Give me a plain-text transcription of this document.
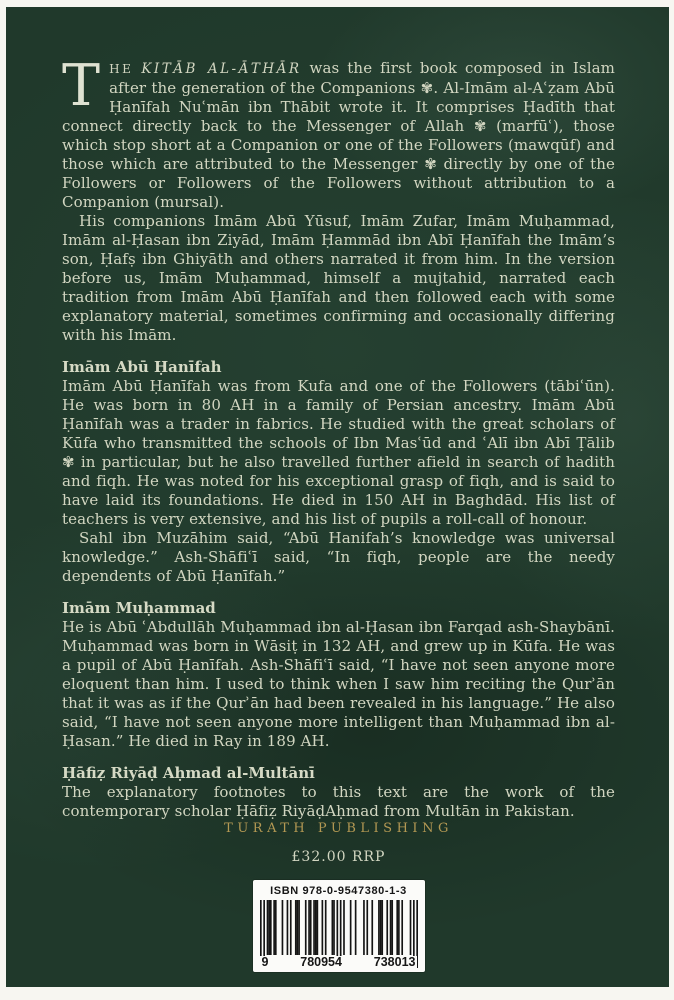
THE KITĀB AL-ĀTHĀR was the first book composed in Islam after the generation of the Companions ✾. Al-Imām al-Aʿẓam Abū Ḥanīfah Nuʿmān ibn Thābit wrote it. It comprises Ḥadīth that connect directly back to the Messenger of Allah ✾ (marfūʿ), those which stop short at a Companion or one of the Followers (mawqūf) and those which are attributed to the Messenger ✾ directly by one of the Followers or Followers of the Followers without attribution to a Companion (mursal).

His companions Imām Abū Yūsuf, Imām Zufar, Imām Muḥammad, Imām al-Ḥasan ibn Ziyād, Imām Ḥammād ibn Abī Ḥanīfah the Imām’s son, Ḥafṣ ibn Ghiyāth and others narrated it from him. In the version before us, Imām Muḥammad, himself a mujtahid, narrated each tradition from Imām Abū Ḥanīfah and then followed each with some explanatory material, sometimes confirming and occasionally differing with his Imām.

Imām Abū Ḥanīfah

Imām Abū Ḥanīfah was from Kufa and one of the Followers (tābiʿūn). He was born in 80 AH in a family of Persian ancestry. Imām Abū Ḥanīfah was a trader in fabrics. He studied with the great scholars of Kūfa who transmitted the schools of Ibn Masʿūd and ʿAlī ibn Abī Ṭālib ✾ in particular, but he also travelled further afield in search of hadith and fiqh. He was noted for his exceptional grasp of fiqh, and is said to have laid its foundations. He died in 150 AH in Baghdād. His list of teachers is very extensive, and his list of pupils a roll-call of honour.

Sahl ibn Muzāhim said, “Abū Hanifah’s knowledge was universal knowledge.” Ash-Shāfiʿī said, “In fiqh, people are the needy dependents of Abū Ḥanīfah.”

Imām Muḥammad

He is Abū ʿAbdullāh Muḥammad ibn al-Ḥasan ibn Farqad ash-Shaybānī. Muḥammad was born in Wāsiṭ in 132 AH, and grew up in Kūfa. He was a pupil of Abū Ḥanīfah. Ash-Shāfiʿī said, “I have not seen anyone more eloquent than him. I used to think when I saw him reciting the Qurʾān that it was as if the Qurʾān had been revealed in his language.” He also said, “I have not seen anyone more intelligent than Muḥammad ibn al-Ḥasan.” He died in Ray in 189 AH.

Ḥāfiẓ Riyāḍ Aḥmad al-Multānī

The explanatory footnotes to this text are the work of the contemporary scholar Ḥāfiẓ RiyāḍAḥmad from Multān in Pakistan.

TURATH PUBLISHING

£32.00 RRP

ISBN 978-0-9547380-1-3
9	780954	738013
